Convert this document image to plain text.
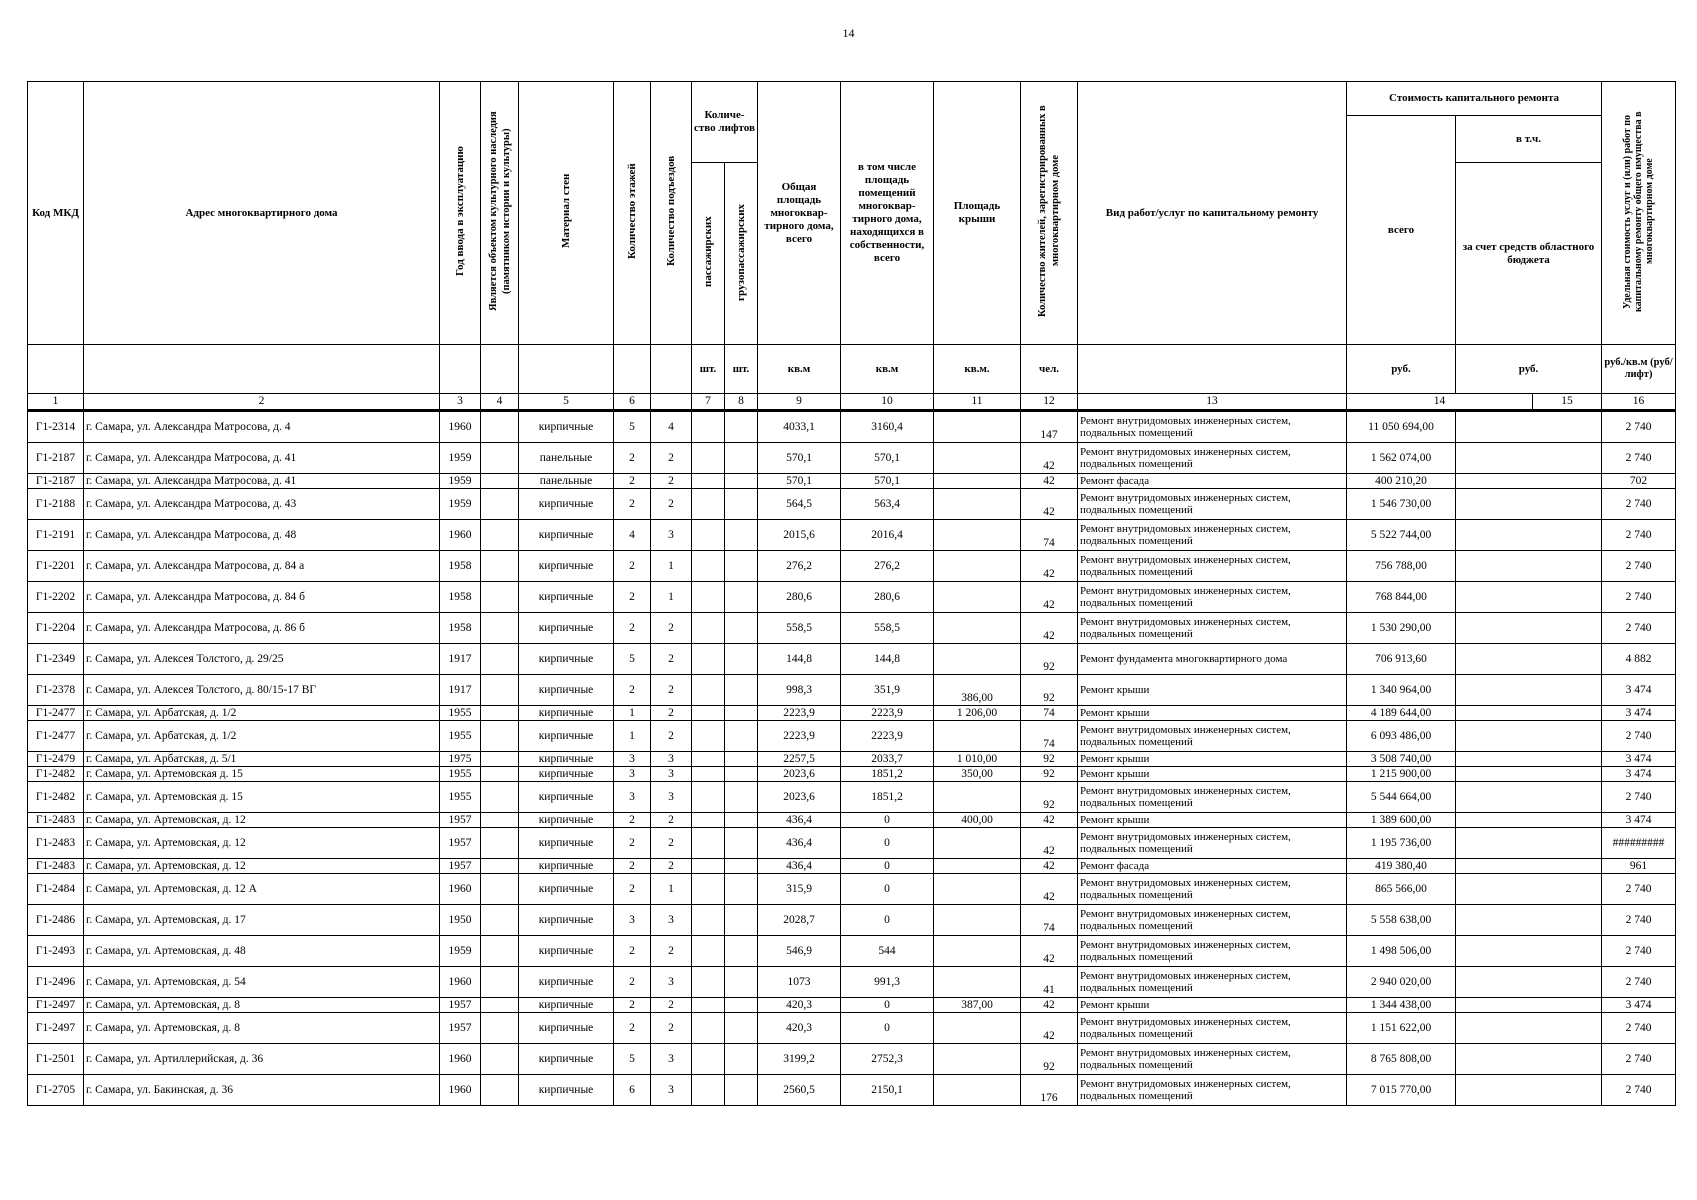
14
Код МКД	Адрес многоквартирного дома	Год ввода в эксплуатацию	Является объектом культурного наследия (памятником истории и культуры)	Материал стен	Количество этажей	Количество подъездов	Количе-ство лифтов		Общая площадь многоквар-тирного дома, всего	в том числе площадь помещений многоквар-тирного дома, находящихся в собственности, всего	Площадь крыши	Количество жителей, зарегистрированных в многоквартирном доме	Вид работ/услуг по капитальному ремонту	Стоимость капитального ремонта			Удельная стоимость услуг и (или) работ по капитальному ремонту общего имущества в многоквартирном доме	
														всего	в т.ч.			
							пассажирских	грузопассажирских							за счет средств областного бюджета			
							шт.	шт.	кв.м	кв.м	кв.м.	чел.		руб.	руб.		руб./кв.м (руб/лифт)	
1	2	3	4	5	6		7	8	9	10	11	12	13	14		15	16	
Г1-2314	г. Самара, ул. Александра Матросова, д. 4	1960		кирпичные	5	4			4033,1	3160,4		147	Ремонт внутридомовых инженерных систем, подвальных помещений	11 050 694,00			2 740	
Г1-2187	г. Самара, ул. Александра Матросова, д. 41	1959		панельные	2	2			570,1	570,1		42	Ремонт внутридомовых инженерных систем, подвальных помещений	1 562 074,00			2 740	
Г1-2187	г. Самара, ул. Александра Матросова, д. 41	1959		панельные	2	2			570,1	570,1		42	Ремонт фасада	400 210,20			702	
Г1-2188	г. Самара, ул. Александра Матросова, д. 43	1959		кирпичные	2	2			564,5	563,4		42	Ремонт внутридомовых инженерных систем, подвальных помещений	1 546 730,00			2 740	
Г1-2191	г. Самара, ул. Александра Матросова, д. 48	1960		кирпичные	4	3			2015,6	2016,4		74	Ремонт внутридомовых инженерных систем, подвальных помещений	5 522 744,00			2 740	
Г1-2201	г. Самара, ул. Александра Матросова, д. 84 а	1958		кирпичные	2	1			276,2	276,2		42	Ремонт внутридомовых инженерных систем, подвальных помещений	756 788,00			2 740	
Г1-2202	г. Самара, ул. Александра Матросова, д. 84 б	1958		кирпичные	2	1			280,6	280,6		42	Ремонт внутридомовых инженерных систем, подвальных помещений	768 844,00			2 740	
Г1-2204	г. Самара, ул. Александра Матросова, д. 86 б	1958		кирпичные	2	2			558,5	558,5		42	Ремонт внутридомовых инженерных систем, подвальных помещений	1 530 290,00			2 740	
Г1-2349	г. Самара, ул. Алексея Толстого, д. 29/25	1917		кирпичные	5	2			144,8	144,8		92	Ремонт фундамента многоквартирного дома	706 913,60			4 882	
Г1-2378	г. Самара, ул. Алексея Толстого, д. 80/15-17 ВГ	1917		кирпичные	2	2			998,3	351,9	386,00	92	Ремонт крыши	1 340 964,00			3 474	
Г1-2477	г. Самара, ул. Арбатская, д. 1/2	1955		кирпичные	1	2			2223,9	2223,9	1 206,00	74	Ремонт крыши	4 189 644,00			3 474	
Г1-2477	г. Самара, ул. Арбатская, д. 1/2	1955		кирпичные	1	2			2223,9	2223,9		74	Ремонт внутридомовых инженерных систем, подвальных помещений	6 093 486,00			2 740	
Г1-2479	г. Самара, ул. Арбатская, д. 5/1	1975		кирпичные	3	3			2257,5	2033,7	1 010,00	92	Ремонт крыши	3 508 740,00			3 474	
Г1-2482	г. Самара, ул. Артемовская д. 15	1955		кирпичные	3	3			2023,6	1851,2	350,00	92	Ремонт крыши	1 215 900,00			3 474	
Г1-2482	г. Самара, ул. Артемовская д. 15	1955		кирпичные	3	3			2023,6	1851,2		92	Ремонт внутридомовых инженерных систем, подвальных помещений	5 544 664,00			2 740	
Г1-2483	г. Самара, ул. Артемовская, д. 12	1957		кирпичные	2	2			436,4	0	400,00	42	Ремонт крыши	1 389 600,00			3 474	
Г1-2483	г. Самара, ул. Артемовская, д. 12	1957		кирпичные	2	2			436,4	0		42	Ремонт внутридомовых инженерных систем, подвальных помещений	1 195 736,00			#########	
Г1-2483	г. Самара, ул. Артемовская, д. 12	1957		кирпичные	2	2			436,4	0		42	Ремонт фасада	419 380,40			961	
Г1-2484	г. Самара, ул. Артемовская, д. 12 А	1960		кирпичные	2	1			315,9	0		42	Ремонт внутридомовых инженерных систем, подвальных помещений	865 566,00			2 740	
Г1-2486	г. Самара, ул. Артемовская, д. 17	1950		кирпичные	3	3			2028,7	0		74	Ремонт внутридомовых инженерных систем, подвальных помещений	5 558 638,00			2 740	
Г1-2493	г. Самара, ул. Артемовская, д. 48	1959		кирпичные	2	2			546,9	544		42	Ремонт внутридомовых инженерных систем, подвальных помещений	1 498 506,00			2 740	
Г1-2496	г. Самара, ул. Артемовская, д. 54	1960		кирпичные	2	3			1073	991,3		41	Ремонт внутридомовых инженерных систем, подвальных помещений	2 940 020,00			2 740	
Г1-2497	г. Самара, ул. Артемовская, д. 8	1957		кирпичные	2	2			420,3	0	387,00	42	Ремонт крыши	1 344 438,00			3 474	
Г1-2497	г. Самара, ул. Артемовская, д. 8	1957		кирпичные	2	2			420,3	0		42	Ремонт внутридомовых инженерных систем, подвальных помещений	1 151 622,00			2 740	
Г1-2501	г. Самара, ул. Артиллерийская, д. 36	1960		кирпичные	5	3			3199,2	2752,3		92	Ремонт внутридомовых инженерных систем, подвальных помещений	8 765 808,00			2 740	
Г1-2705	г. Самара, ул. Бакинская, д. 36	1960		кирпичные	6	3			2560,5	2150,1		176	Ремонт внутридомовых инженерных систем, подвальных помещений	7 015 770,00			2 740	
